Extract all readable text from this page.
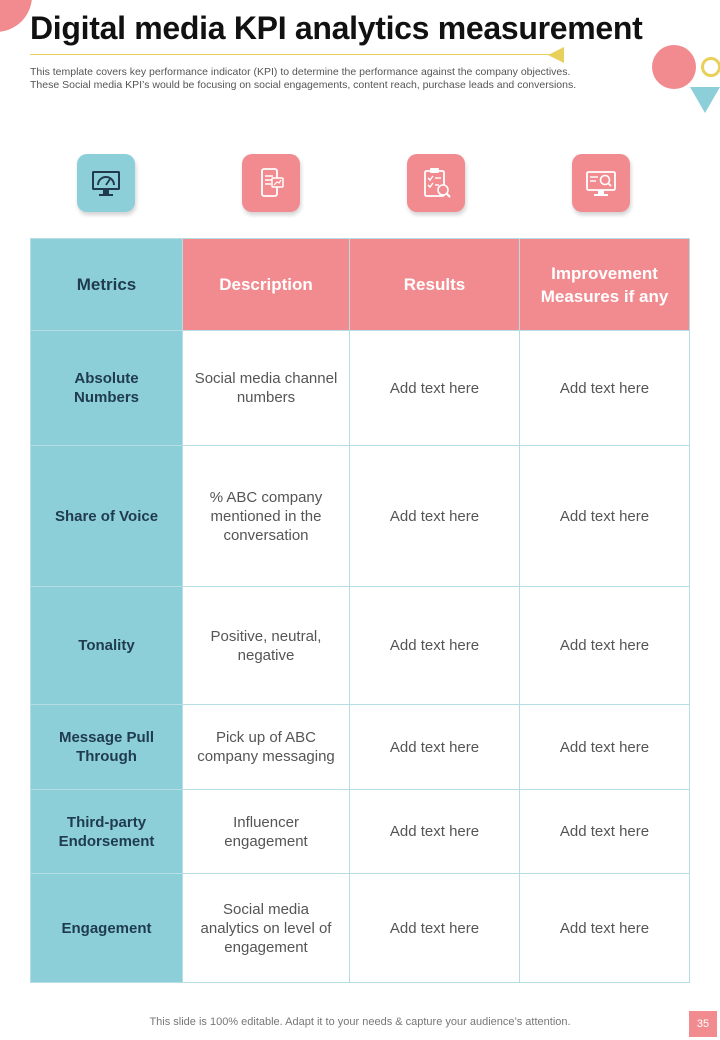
Digital media KPI analytics measurement
This template covers key performance indicator (KPI) to determine the performance against the company objectives.
These Social media KPI’s would be focusing on social engagements, content reach, purchase leads and conversions.
Metrics	Description	Results	Improvement Measures if any

Absolute Numbers	Social media channel numbers	Add text here	Add text here
Share of Voice	% ABC company mentioned in the conversation	Add text here	Add text here
Tonality	Positive, neutral, negative	Add text here	Add text here

Message Pull Through	Pick up of ABC company messaging	Add text here	Add text here

Third-party Endorsement	Influencer engagement	Add text here	Add text here
Engagement	Social media analytics on level of engagement	Add text here	Add text here
This slide is 100% editable. Adapt it to your needs & capture your audience’s attention.	35
